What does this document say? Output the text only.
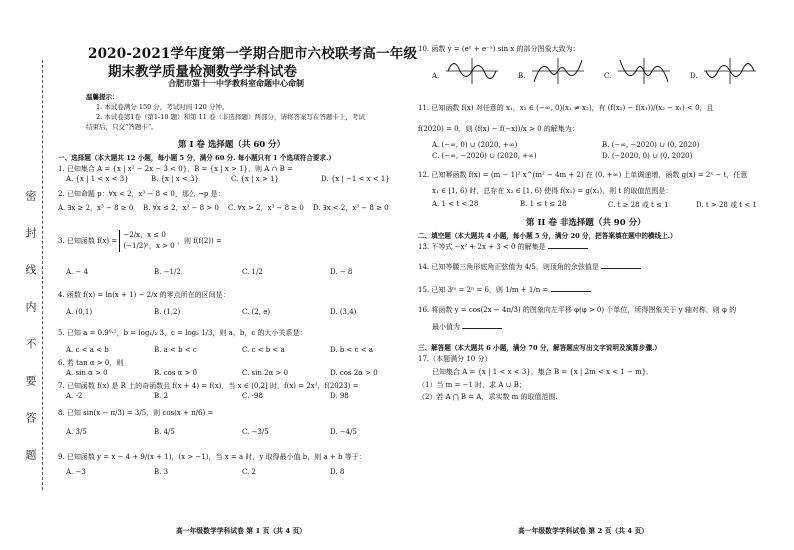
密封线内不要答题
2020-2021学年度第一学期合肥市六校联考高一年级
期末教学质量检测数学学科试卷
合肥市第十一中学教科室命题中心命制
温馨提示：
1. 本试卷满分 150 分，考试时间 120 分钟。
2. 本试卷第1卷（第1-10 题）和第 11 卷（非选择题）两部分，请将答案写在答题卡上，考试
结束后，只交“答题卡”。
第 I 卷 选择题（共 60 分）
一、选择题（本大题共 12 小题，每小题 5 分，满分 60 分. 每小题只有 1 个选项符合要求.）
1. 已知集合 A = {x | x² − 2x − 3 < 0}，B = {x | x > 1}，则 A ∩ B =
A. {x | 1 < x < 3}	B. {x | x < 3}	C. {x | x > 1}	D. {x | −1 < x < 1}
2. 已知命题 p：∀x < 2，x³ − 8 < 0，那么 ¬p 是：
A. ∃x ≥ 2，x³ − 8 ≥ 0	B. ∀x ≤ 2，x³ − 8 > 0	C. ∀x > 2，x³ − 8 ≥ 0	D. ∃x < 2，x³ − 8 ≥ 0
3. 已知函数 f(x) =
−2/x，x ≤ 0
(−1/2)ˣ，x > 0
，则 f(f(2)) =
A. − 4	B. −1/2	C. 1/2	D. − 8
4. 函数 f(x) = ln(x + 1) − 2/x 的零点所在的区间是：
A. (0,1)	B. (1,2)	C. (2, e)	D. (3,4)
5. 已知 a = 0.9⁰·¹，b = log₁/₂ 3，c = log₂ 1/3，则 a，b，c 的大小关系是：
A. c < a < b	B. a < b < c	C. c < b < a	D. b < c < a
6. 若 tan α > 0，则
A. sin α > 0	B. cos α > 0	C. sin 2α > 0	D. cos 2α > 0
7. 已知函数 f(x) 是 R 上的奇函数且 f(x + 4) = f(x)，当 x ∈ (0,2] 时，f(x) = 2x²，f(2023) =
A. -2	B. 2	C. -98	D. 98
8. 已知 sin(x − π/3) = 3/5，则 cos(x + π/6) =
A. 3/5	B. 4/5	C. −3/5	D. −4/5
9. 已知函数 y = x − 4 + 9/(x + 1)，(x > −1)，当 x = a 时，y 取得最小值 b，则 a + b 等于：
A. −3	B. 3	C. 2	D. 8
高一年级数学学科试卷 第 1 页（共 4 页）
10. 函数 y = (eˣ + e⁻ˣ) sin x 的部分图象大致为：
A.	B.	C.	D.
11. 已知函数 f(x) 对任意的 x₁，x₂ ∈ (−∞, 0)(x₁ ≠ x₂)，有 (f(x₂) − f(x₁))/(x₂ − x₁) < 0，且
f(2020) = 0，则 (f(x) − f(−x))/x > 0 的解集为：
A. (−∞, 0) ∪ (2020, +∞)	B. (−∞, −2020) ∪ (0, 2020)
C. (−∞, −2020) ∪ (2020, +∞)	D. (−2020, 0) ∪ (0, 2020)
12. 已知幂函数 f(x) = (m − 1)² x^(m² − 4m + 2) 在 (0, +∞) 上单调递增，函数 g(x) = 2ˣ − t，任意
x₁ ∈ [1, 6) 时，总存在 x₂ ∈ [1, 6) 使得 f(x₁) = g(x₂)，则 t 的取值范围是：
A. 1 < t < 28	B. 1 ≤ t ≤ 28	C. t ≥ 28 或 t ≤ 1	D. t > 28 或 t < 1
第 II 卷 非选择题（共 90 分）
二、填空题（本大题共 4 小题，每小题 5 分，满分 20 分，把答案填在题中的横线上.）
13. 不等式 −x² + 2x + 3 < 0 的解集是
14. 已知等腰三角形底角正弦值为 4/5，则顶角的余弦值是
15. 已知 3ᵐ = 2ⁿ = 6，则 1/m + 1/n =
16. 将函数 y = cos(2x − 4π/3) 的图象向左平移 φ(φ > 0) 个单位，所得图象关于 y 轴对称，则 φ 的
最小值为
三、解答题（本大题共 6 小题，满分 70 分，解答题应写出文字说明及演算步骤.）
17.（本题满分 10 分）
已知集合 A = {x | 1 < x < 3}，集合 B = {x | 2m < x < 1 − m}．
（1）当 m = −1 时，求 A ∪ B；
（2）若 A ⋂ B = A，求实数 m 的取值范围.
高一年级数学学科试卷 第 2 页（共 4 页）
